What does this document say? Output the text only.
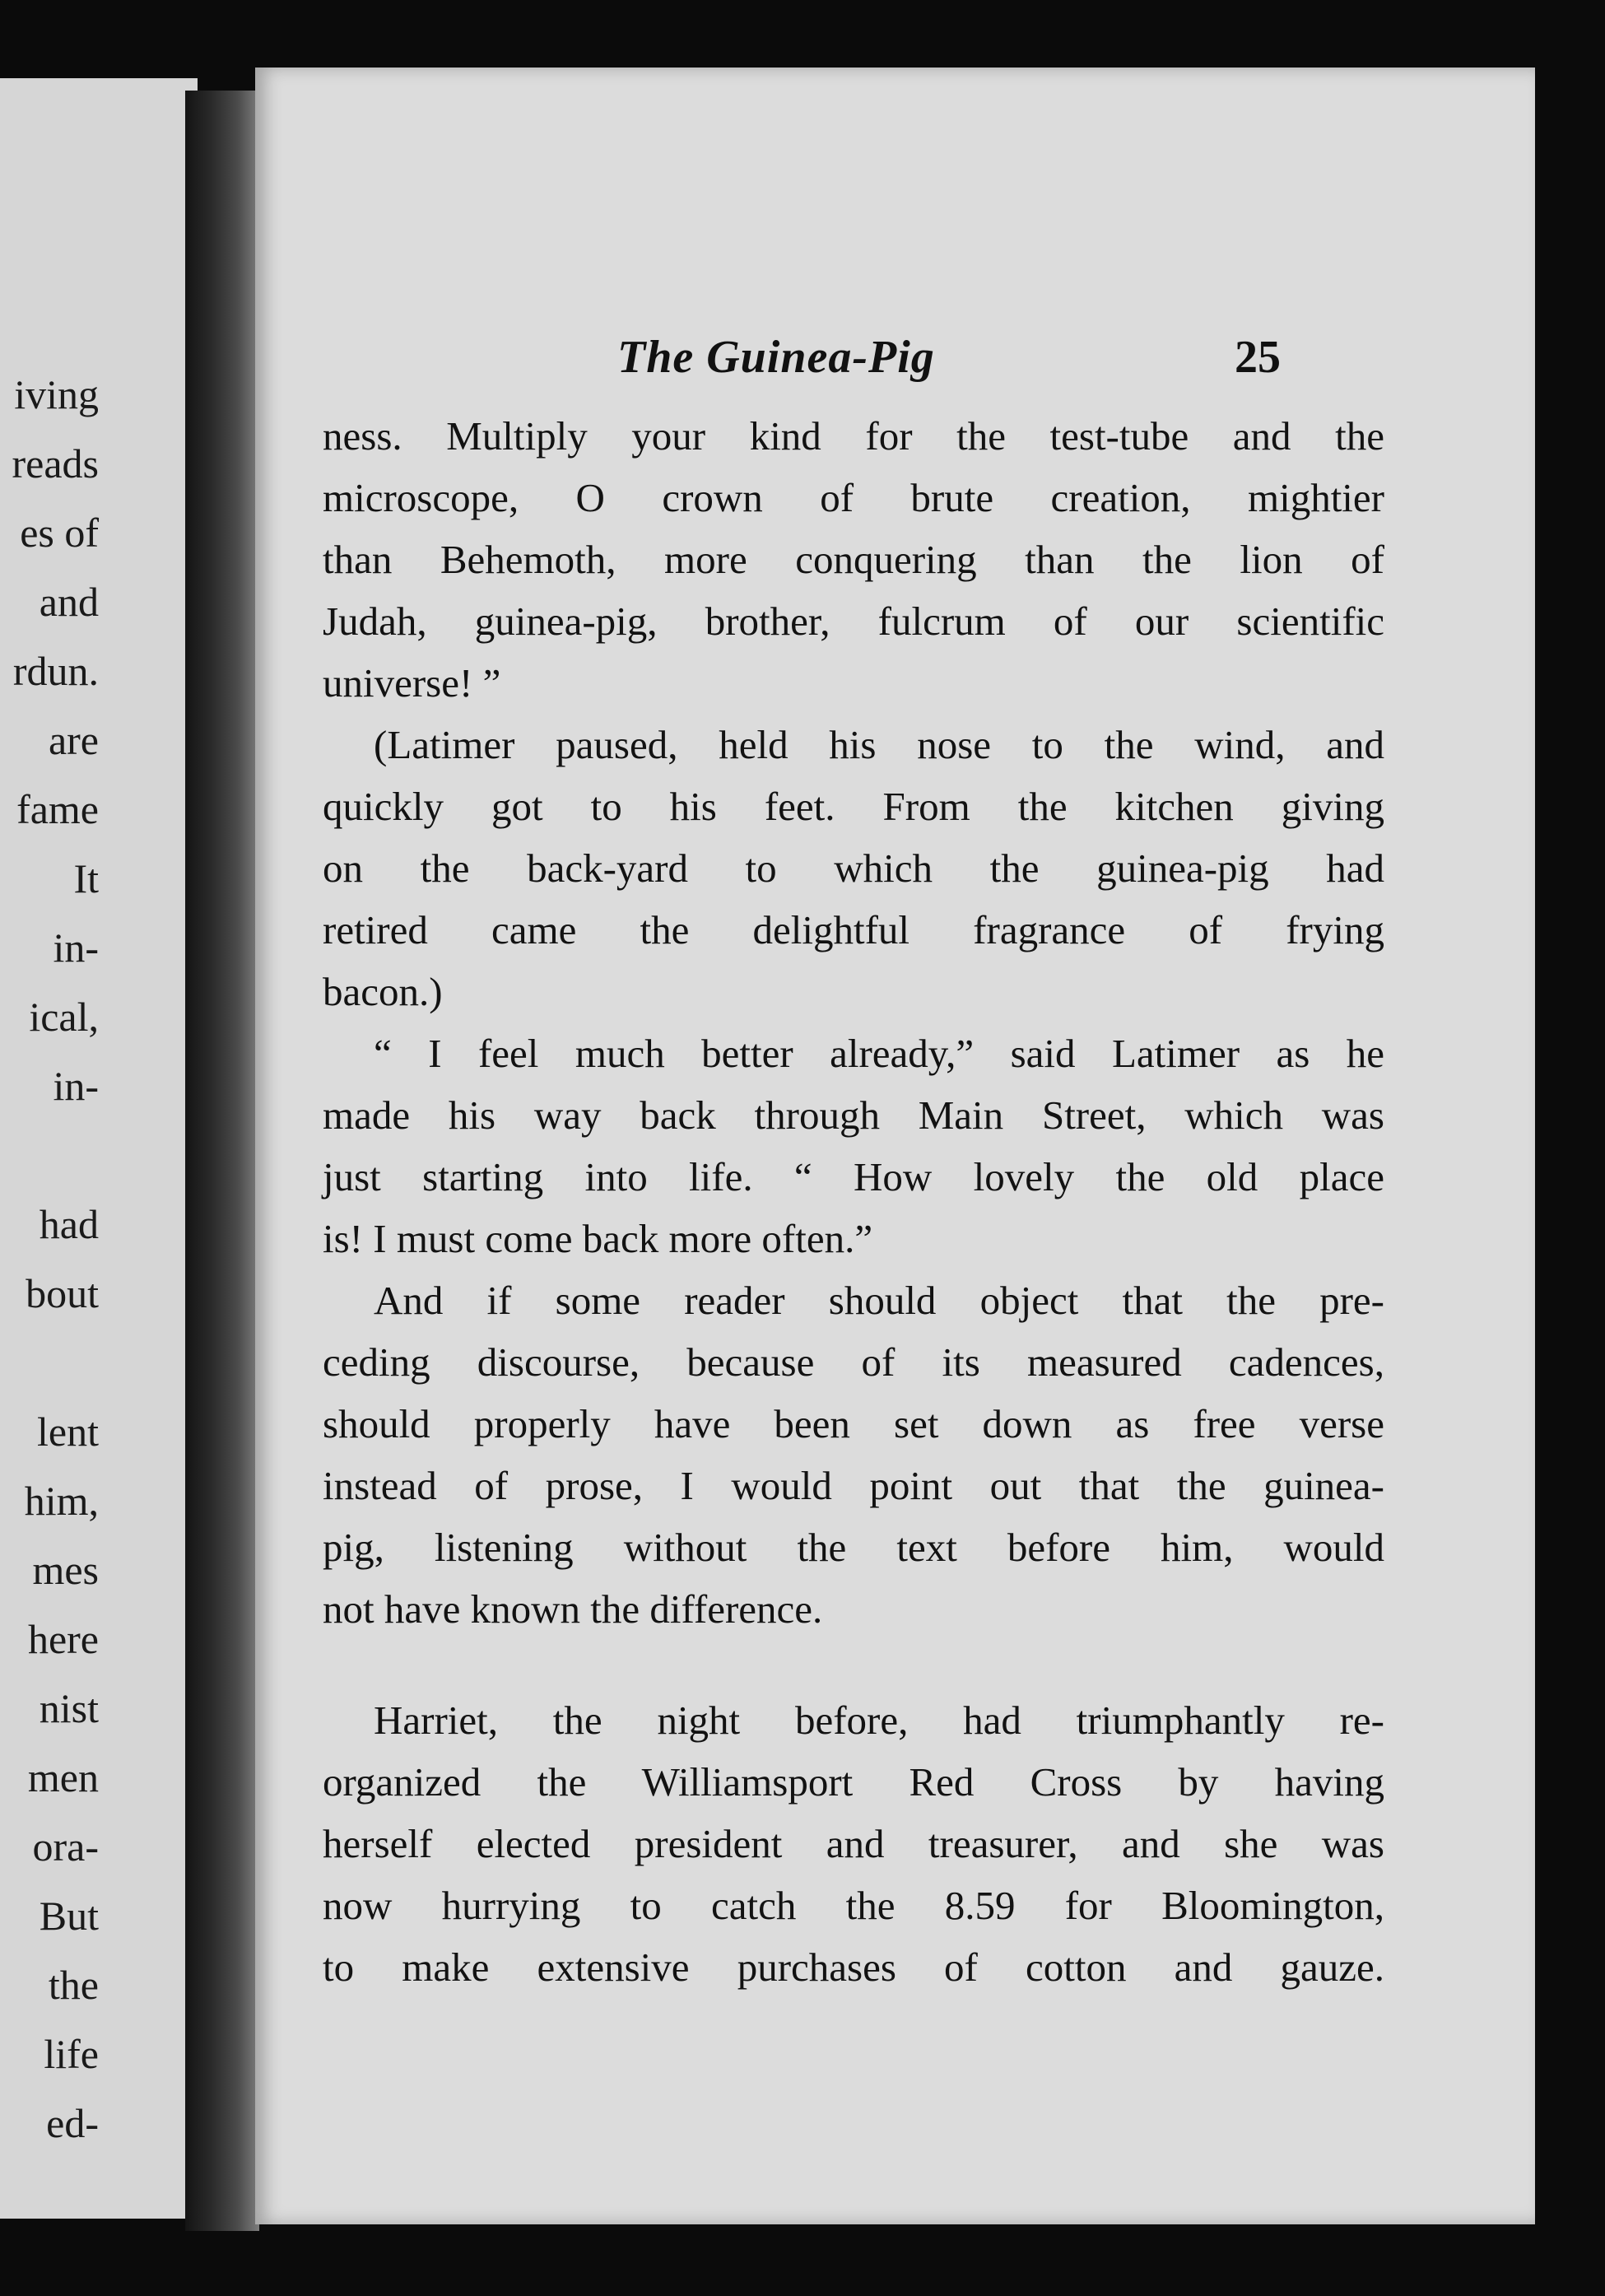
iving
reads
es of
and
rdun.
are
fame
It
in-
ical,
in-
had
bout
lent
him,
mes
here
nist
men
ora-
But
the
life
ed-
The Guinea-Pig	25
ness. Multiply your kind for the test-tube and the
microscope, O crown of brute creation, mightier
than Behemoth, more conquering than the lion of
Judah, guinea-pig, brother, fulcrum of our scientific
universe! ”
(Latimer paused, held his nose to the wind, and
quickly got to his feet. From the kitchen giving
on the back-yard to which the guinea-pig had
retired came the delightful fragrance of frying
bacon.)
“ I feel much better already,” said Latimer as he
made his way back through Main Street, which was
just starting into life. “ How lovely the old place
is! I must come back more often.”
And if some reader should object that the pre-
ceding discourse, because of its measured cadences,
should properly have been set down as free verse
instead of prose, I would point out that the guinea-
pig, listening without the text before him, would
not have known the difference.
Harriet, the night before, had triumphantly re-
organized the Williamsport Red Cross by having
herself elected president and treasurer, and she was
now hurrying to catch the 8.59 for Bloomington,
to make extensive purchases of cotton and gauze.
